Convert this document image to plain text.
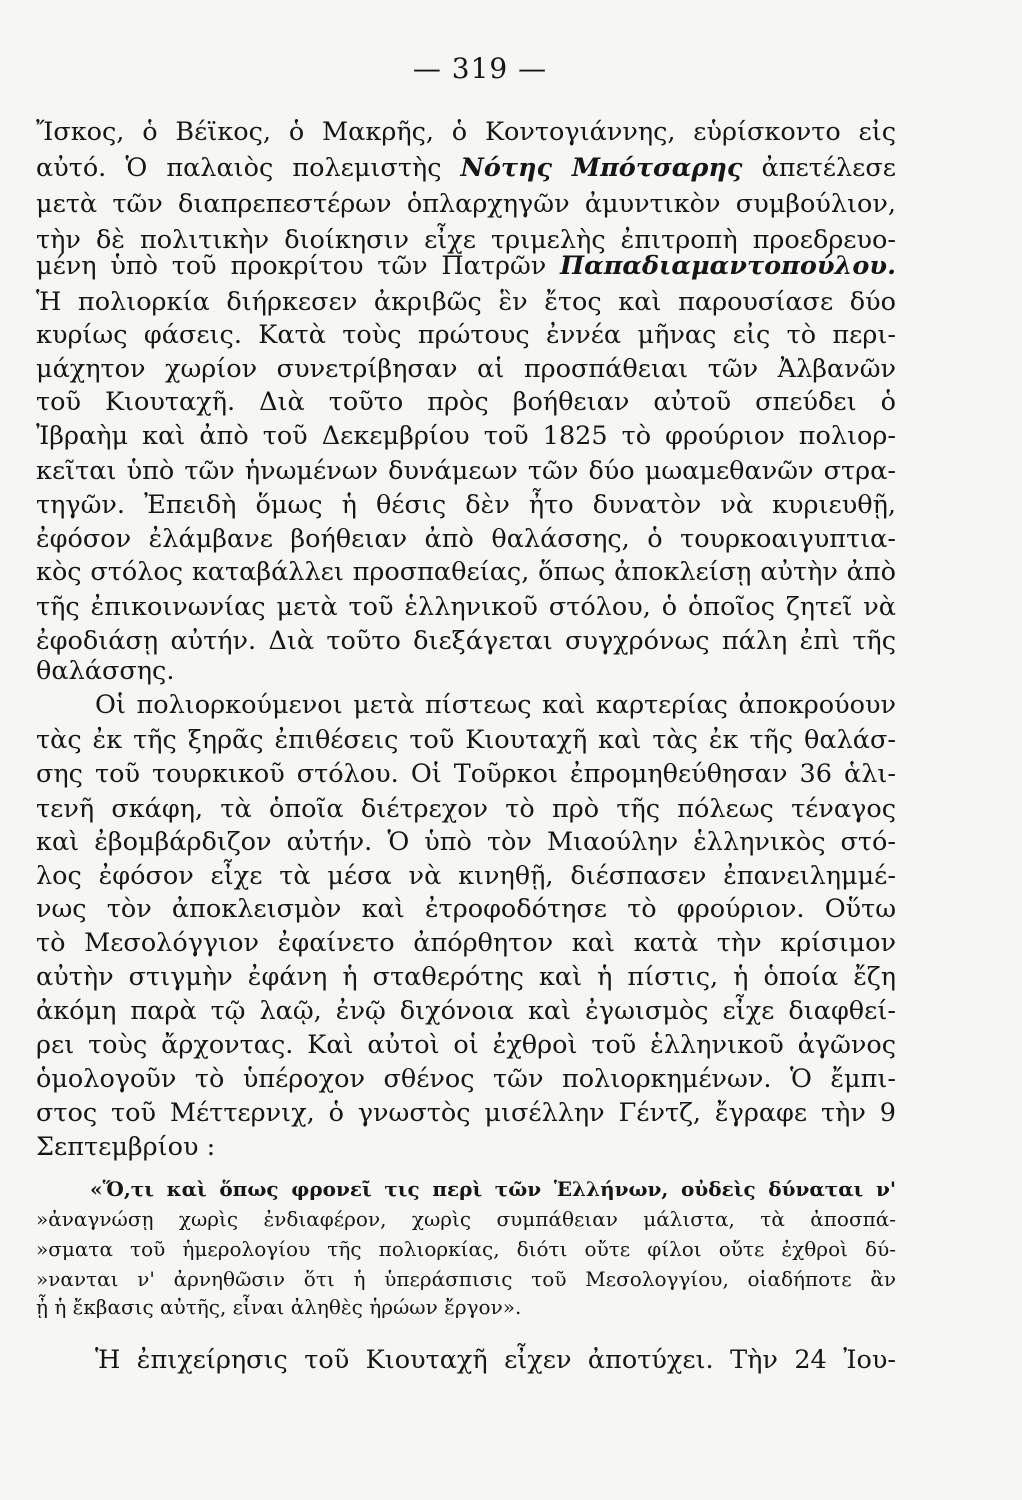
— 319 —
Ἴσκος, ὁ Βέϊκος, ὁ Μακρῆς, ὁ Κοντογιάννης, εὑρίσκοντο εἰς
αὐτό. Ὁ παλαιὸς πολεμιστὴς Νότης Μπότσαρης ἀπετέλεσε
μετὰ τῶν διαπρεπεστέρων ὁπλαρχηγῶν ἀμυντικὸν συμβούλιον,
τὴν δὲ πολιτικὴν διοίκησιν εἶχε τριμελὴς ἐπιτροπὴ προεδρευο-
μένη ὑπὸ τοῦ προκρίτου τῶν Πατρῶν Παπαδιαμαντοπούλου.
Ἡ πολιορκία διήρκεσεν ἀκριβῶς ἓν ἔτος καὶ παρουσίασε δύο
κυρίως φάσεις. Κατὰ τοὺς πρώτους ἐννέα μῆνας εἰς τὸ περι-
μάχητον χωρίον συνετρίβησαν αἱ προσπάθειαι τῶν Ἀλβανῶν
τοῦ Κιουταχῆ. Διὰ τοῦτο πρὸς βοήθειαν αὐτοῦ σπεύδει ὁ
Ἰβραὴμ καὶ ἀπὸ τοῦ Δεκεμβρίου τοῦ 1825 τὸ φρούριον πολιορ-
κεῖται ὑπὸ τῶν ἡνωμένων δυνάμεων τῶν δύο μωαμεθανῶν στρα-
τηγῶν. Ἐπειδὴ ὅμως ἡ θέσις δὲν ἦτο δυνατὸν νὰ κυριευθῇ,
ἐφόσον ἐλάμβανε βοήθειαν ἀπὸ θαλάσσης, ὁ τουρκοαιγυπτια-
κὸς στόλος καταβάλλει προσπαθείας, ὅπως ἀποκλείσῃ αὐτὴν ἀπὸ
τῆς ἐπικοινωνίας μετὰ τοῦ ἑλληνικοῦ στόλου, ὁ ὁποῖος ζητεῖ νὰ
ἐφοδιάσῃ αὐτήν. Διὰ τοῦτο διεξάγεται συγχρόνως πάλη ἐπὶ τῆς
θαλάσσης.
Οἱ πολιορκούμενοι μετὰ πίστεως καὶ καρτερίας ἀποκρούουν
τὰς ἐκ τῆς ξηρᾶς ἐπιθέσεις τοῦ Κιουταχῆ καὶ τὰς ἐκ τῆς θαλάσ-
σης τοῦ τουρκικοῦ στόλου. Οἱ Τοῦρκοι ἐπρομηθεύθησαν 36 ἁλι-
τενῆ σκάφη, τὰ ὁποῖα διέτρεχον τὸ πρὸ τῆς πόλεως τέναγος
καὶ ἐβομβάρδιζον αὐτήν. Ὁ ὑπὸ τὸν Μιαούλην ἑλληνικὸς στό-
λος ἐφόσον εἶχε τὰ μέσα νὰ κινηθῇ, διέσπασεν ἐπανειλημμέ-
νως τὸν ἀποκλεισμὸν καὶ ἐτροφοδότησε τὸ φρούριον. Οὕτω
τὸ Μεσολόγγιον ἐφαίνετο ἀπόρθητον καὶ κατὰ τὴν κρίσιμον
αὐτὴν στιγμὴν ἐφάνη ἡ σταθερότης καὶ ἡ πίστις, ἡ ὁποία ἔζη
ἀκόμη παρὰ τῷ λαῷ, ἐνῷ διχόνοια καὶ ἐγωισμὸς εἶχε διαφθεί-
ρει τοὺς ἄρχοντας. Καὶ αὐτοὶ οἱ ἐχθροὶ τοῦ ἑλληνικοῦ ἀγῶνος
ὁμολογοῦν τὸ ὑπέροχον σθένος τῶν πολιορκημένων. Ὁ ἔμπι-
στος τοῦ Μέττερνιχ, ὁ γνωστὸς μισέλλην Γέντζ, ἔγραφε τὴν 9
Σεπτεμβρίου :
«Ὅ,τι καὶ ὅπως φρονεῖ τις περὶ τῶν Ἑλλήνων, οὐδεὶς δύναται ν'
»ἀναγνώσῃ χωρὶς ἐνδιαφέρον, χωρὶς συμπάθειαν μάλιστα, τὰ ἀποσπά-
»σματα τοῦ ἡμερολογίου τῆς πολιορκίας, διότι οὔτε φίλοι οὔτε ἐχθροὶ δύ-
»νανται ν' ἀρνηθῶσιν ὅτι ἡ ὑπεράσπισις τοῦ Μεσολογγίου, οἱαδήποτε ἂν
ᾖ ἡ ἔκβασις αὐτῆς, εἶναι ἀληθὲς ἡρώων ἔργον».
Ἡ ἐπιχείρησις τοῦ Κιουταχῆ εἶχεν ἀποτύχει. Τὴν 24 Ἰου-
